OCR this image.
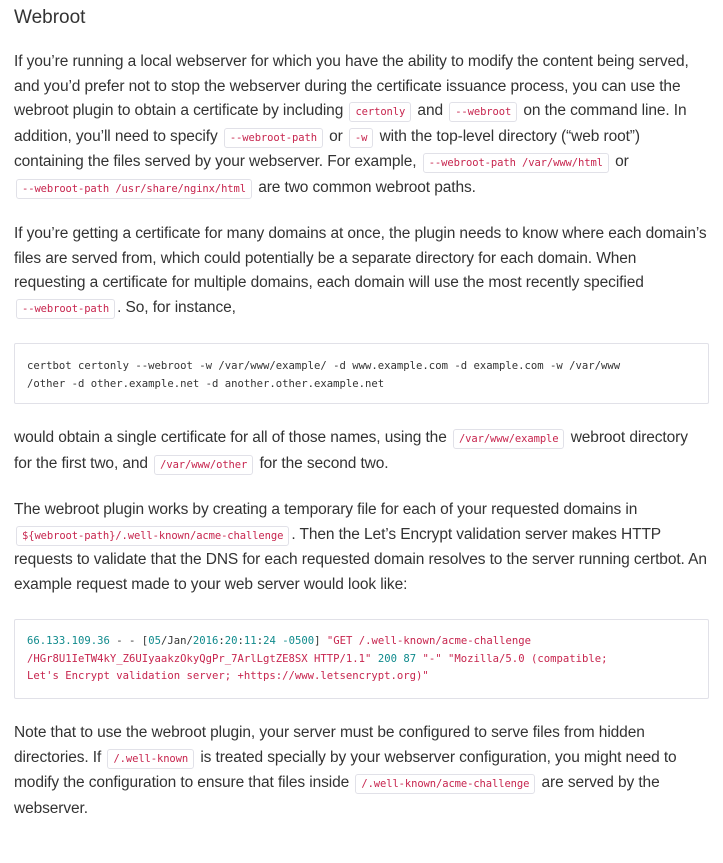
Webroot

If you’re running a local webserver for which you have the ability to modify the content being served, and you’d prefer not to stop the webserver during the certificate issuance process, you can use the webroot plugin to obtain a certificate by including certonly and --webroot on the command line. In addition, you’ll need to specify --webroot-path or -w with the top-level directory (“web root”) containing the files served by your webserver. For example, --webroot-path /var/www/html or --webroot-path /usr/share/nginx/html are two common webroot paths.

If you’re getting a certificate for many domains at once, the plugin needs to know where each domain’s files are served from, which could potentially be a separate directory for each domain. When requesting a certificate for multiple domains, each domain will use the most recently specified --webroot-path . So, for instance,

certbot certonly --webroot -w /var/www/example/ -d www.example.com -d example.com -w /var/www
/other -d other.example.net -d another.other.example.net

would obtain a single certificate for all of those names, using the /var/www/example webroot directory for the first two, and /var/www/other for the second two.

The webroot plugin works by creating a temporary file for each of your requested domains in ${webroot-path}/.well-known/acme-challenge . Then the Let’s Encrypt validation server makes HTTP requests to validate that the DNS for each requested domain resolves to the server running certbot. An example request made to your web server would look like:

66.133.109.36 - - [05/Jan/2016:20:11:24 -0500] "GET /.well-known/acme-challenge
/HGr8U1IeTW4kY_Z6UIyaakzOkyQgPr_7ArlLgtZE8SX HTTP/1.1" 200 87 "-" "Mozilla/5.0 (compatible;
Let's Encrypt validation server; +https://www.letsencrypt.org)"

Note that to use the webroot plugin, your server must be configured to serve files from hidden directories. If /.well-known is treated specially by your webserver configuration, you might need to modify the configuration to ensure that files inside /.well-known/acme-challenge are served by the webserver.
